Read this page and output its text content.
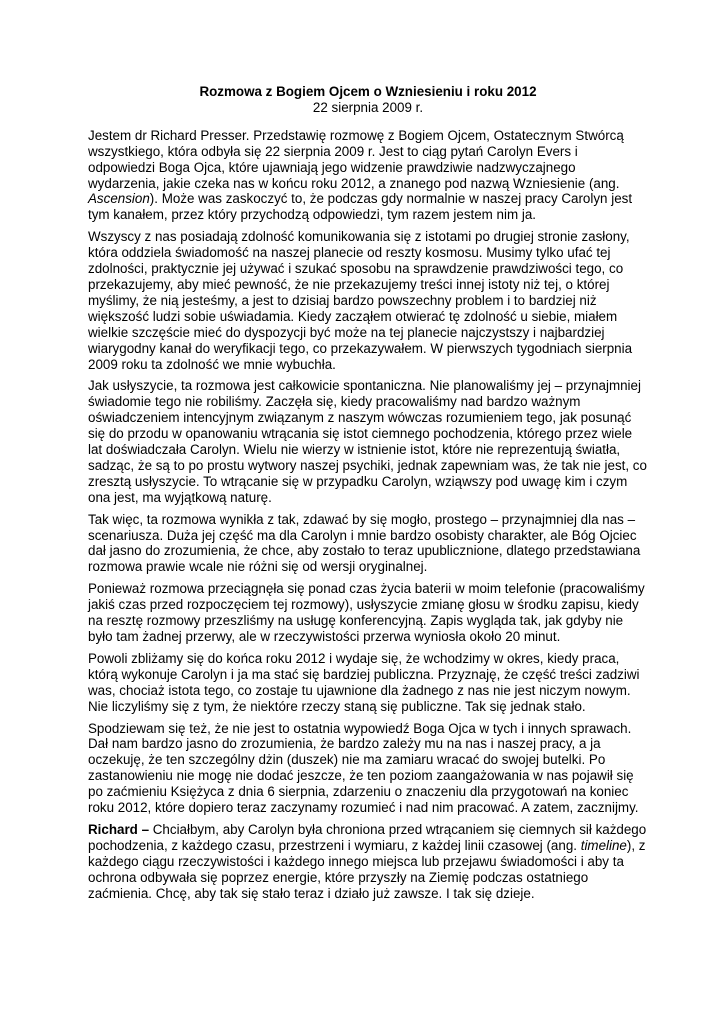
Rozmowa z Bogiem Ojcem o Wzniesieniu i roku 2012

22 sierpnia 2009 r.

Jestem dr Richard Presser. Przedstawię rozmowę z Bogiem Ojcem, Ostatecznym Stwórcą wszystkiego, która odbyła się 22 sierpnia 2009 r. Jest to ciąg pytań Carolyn Evers i odpowiedzi Boga Ojca, które ujawniają jego widzenie prawdziwie nadzwyczajnego wydarzenia, jakie czeka nas w końcu roku 2012, a znanego pod nazwą Wzniesienie (ang. Ascension). Może was zaskoczyć to, że podczas gdy normalnie w naszej pracy Carolyn jest tym kanałem, przez który przychodzą odpowiedzi, tym razem jestem nim ja.

Wszyscy z nas posiadają zdolność komunikowania się z istotami po drugiej stronie zasłony, która oddziela świadomość na naszej planecie od reszty kosmosu. Musimy tylko ufać tej zdolności, praktycznie jej używać i szukać sposobu na sprawdzenie prawdziwości tego, co przekazujemy, aby mieć pewność, że nie przekazujemy treści innej istoty niż tej, o której myślimy, że nią jesteśmy, a jest to dzisiaj bardzo powszechny problem i to bardziej niż większość ludzi sobie uświadamia. Kiedy zacząłem otwierać tę zdolność u siebie, miałem wielkie szczęście mieć do dyspozycji być może na tej planecie najczystszy i najbardziej wiarygodny kanał do weryfikacji tego, co przekazywałem. W pierwszych tygodniach sierpnia 2009 roku ta zdolność we mnie wybuchła.

Jak usłyszycie, ta rozmowa jest całkowicie spontaniczna. Nie planowaliśmy jej – przynajmniej świadomie tego nie robiliśmy. Zaczęła się, kiedy pracowaliśmy nad bardzo ważnym oświadczeniem intencyjnym związanym z naszym wówczas rozumieniem tego, jak posunąć się do przodu w opanowaniu wtrącania się istot ciemnego pochodzenia, którego przez wiele lat doświadczała Carolyn. Wielu nie wierzy w istnienie istot, które nie reprezentują światła, sadząc, że są to po prostu wytwory naszej psychiki, jednak zapewniam was, że tak nie jest, co zresztą usłyszycie. To wtrącanie się w przypadku Carolyn, wziąwszy pod uwagę kim i czym ona jest, ma wyjątkową naturę.

Tak więc, ta rozmowa wynikła z tak, zdawać by się mogło, prostego – przynajmniej dla nas – scenariusza. Duża jej część ma dla Carolyn i mnie bardzo osobisty charakter, ale Bóg Ojciec dał jasno do zrozumienia, że chce, aby zostało to teraz upublicznione, dlatego przedstawiana rozmowa prawie wcale nie różni się od wersji oryginalnej.

Ponieważ rozmowa przeciągnęła się ponad czas życia baterii w moim telefonie (pracowaliśmy jakiś czas przed rozpoczęciem tej rozmowy), usłyszycie zmianę głosu w środku zapisu, kiedy na resztę rozmowy przeszliśmy na usługę konferencyjną. Zapis wygląda tak, jak gdyby nie było tam żadnej przerwy, ale w rzeczywistości przerwa wyniosła około 20 minut.

Powoli zbliżamy się do końca roku 2012 i wydaje się, że wchodzimy w okres, kiedy praca, którą wykonuje Carolyn i ja ma stać się bardziej publiczna. Przyznaję, że część treści zadziwi was, chociaż istota tego, co zostaje tu ujawnione dla żadnego z nas nie jest niczym nowym. Nie liczyliśmy się z tym, że niektóre rzeczy staną się publiczne. Tak się jednak stało.

Spodziewam się też, że nie jest to ostatnia wypowiedź Boga Ojca w tych i innych sprawach. Dał nam bardzo jasno do zrozumienia, że bardzo zależy mu na nas i naszej pracy, a ja oczekuję, że ten szczególny dżin (duszek) nie ma zamiaru wracać do swojej butelki. Po zastanowieniu nie mogę nie dodać jeszcze, że ten poziom zaangażowania w nas pojawił się po zaćmieniu Księżyca z dnia 6 sierpnia, zdarzeniu o znaczeniu dla przygotowań na koniec roku 2012, które dopiero teraz zaczynamy rozumieć i nad nim pracować. A zatem, zacznijmy.

Richard – Chciałbym, aby Carolyn była chroniona przed wtrącaniem się ciemnych sił każdego pochodzenia, z każdego czasu, przestrzeni i wymiaru, z każdej linii czasowej (ang. timeline), z każdego ciągu rzeczywistości i każdego innego miejsca lub przejawu świadomości i aby ta ochrona odbywała się poprzez energie, które przyszły na Ziemię podczas ostatniego zaćmienia. Chcę, aby tak się stało teraz i działo już zawsze. I tak się dzieje.
